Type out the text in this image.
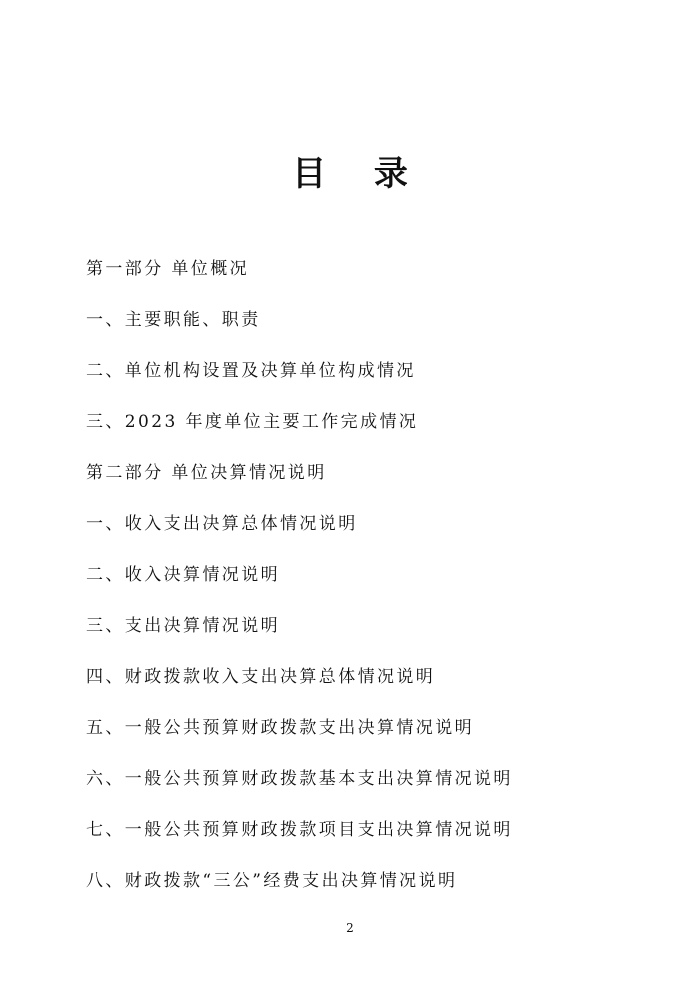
目 录
第一部分 单位概况
一、主要职能、职责
二、单位机构设置及决算单位构成情况
三、2023 年度单位主要工作完成情况
第二部分 单位决算情况说明
一、收入支出决算总体情况说明
二、收入决算情况说明
三、支出决算情况说明
四、财政拨款收入支出决算总体情况说明
五、一般公共预算财政拨款支出决算情况说明
六、一般公共预算财政拨款基本支出决算情况说明
七、一般公共预算财政拨款项目支出决算情况说明
八、财政拨款“三公”经费支出决算情况说明
2
